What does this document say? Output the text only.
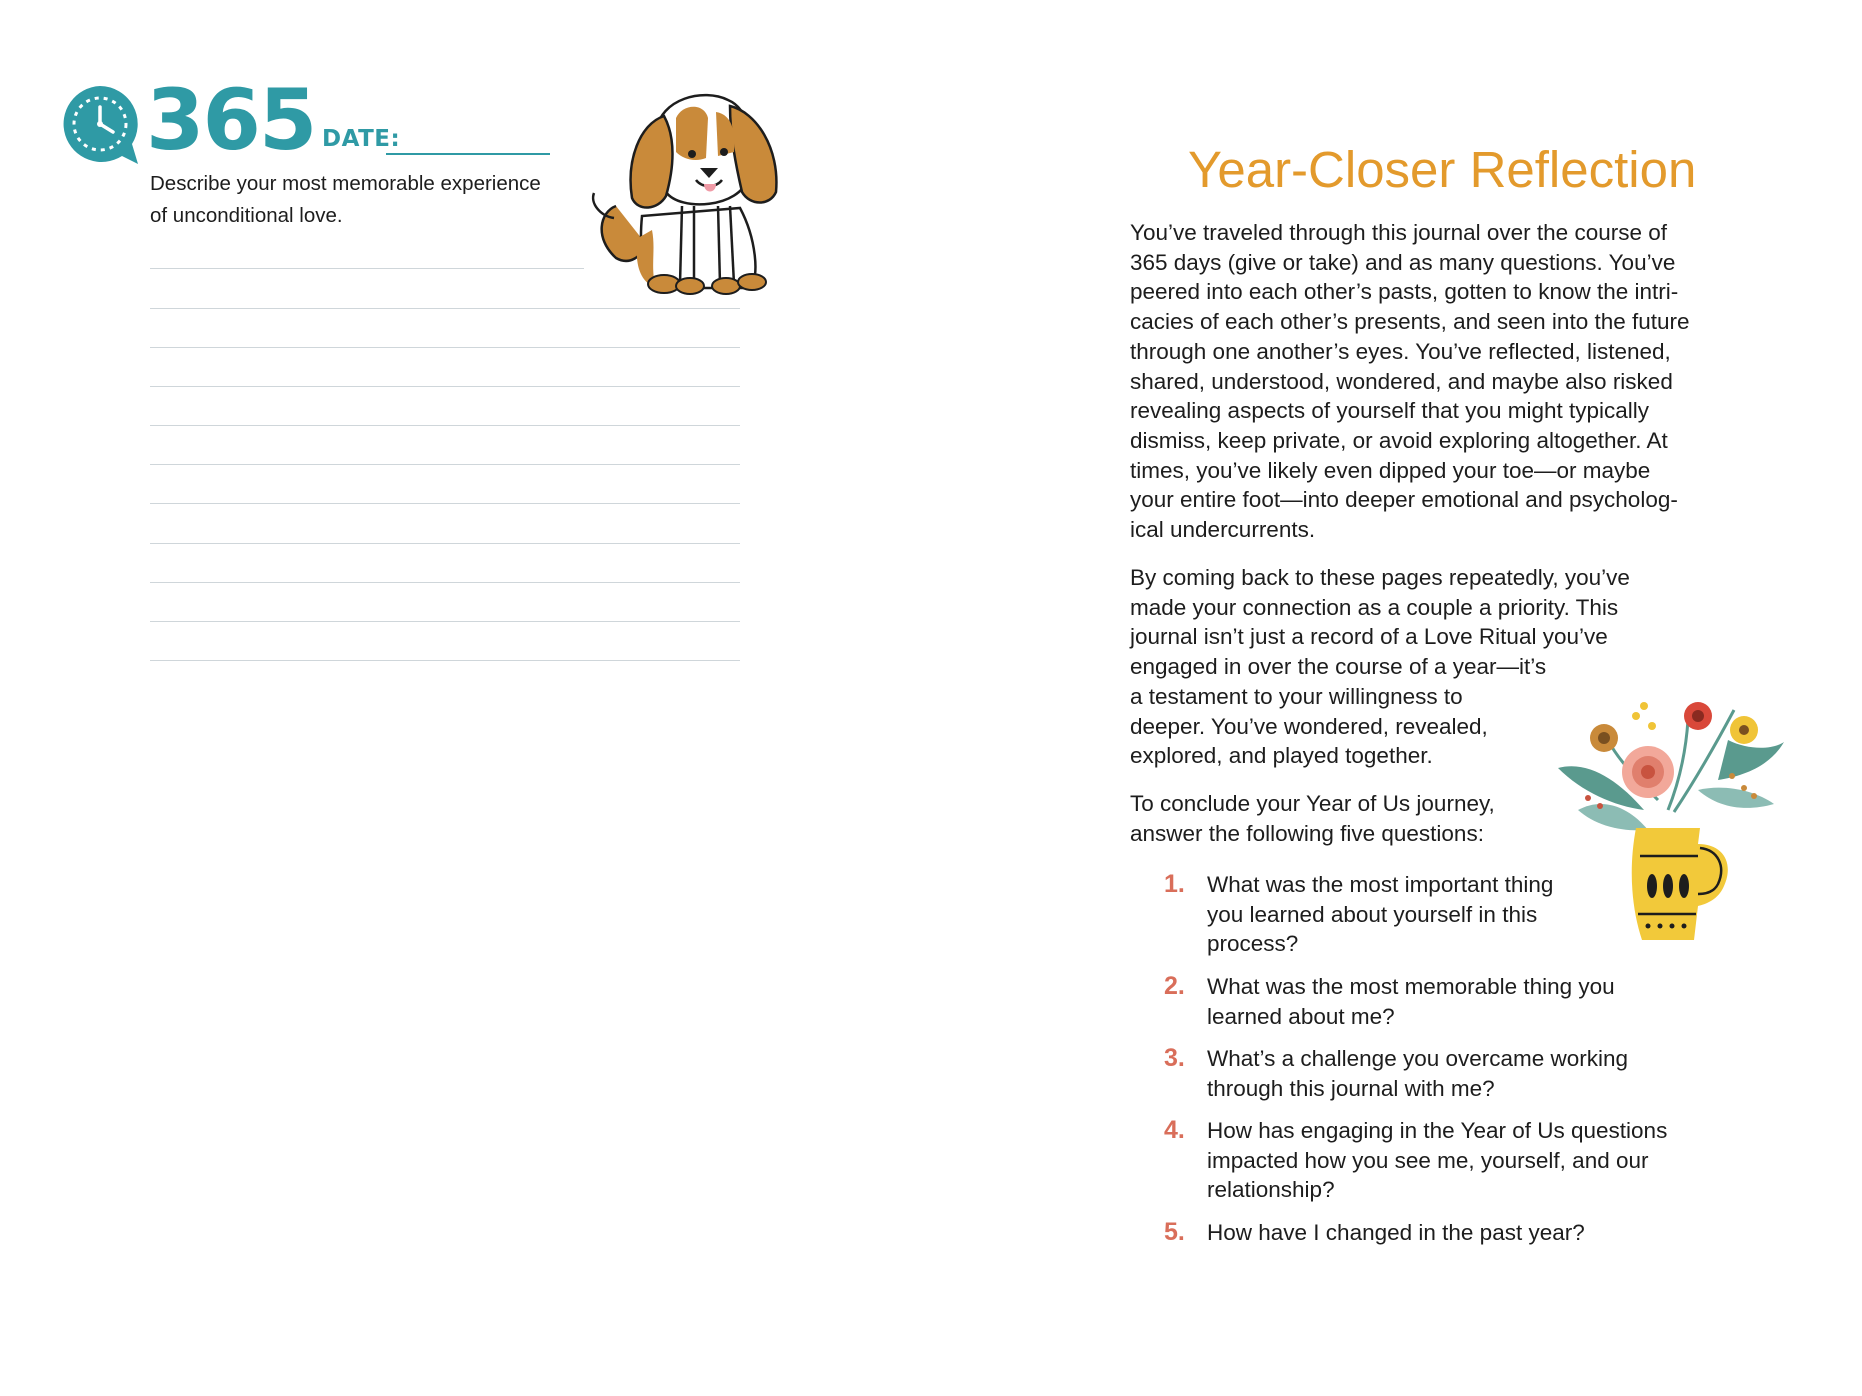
365 DATE:
Describe your most memorable experience
of unconditional love.
Year-Closer Reflection
You’ve traveled through this journal over the course of
365 days (give or take) and as many questions. You’ve
peered into each other’s pasts, gotten to know the intri-
cacies of each other’s presents, and seen into the future
through one another’s eyes. You’ve reflected, listened,
shared, understood, wondered, and maybe also risked
revealing aspects of yourself that you might typically
dismiss, keep private, or avoid exploring altogether. At
times, you’ve likely even dipped your toe—or maybe
your entire foot—into deeper emotional and psycholog-
ical undercurrents.
By coming back to these pages repeatedly, you’ve
made your connection as a couple a priority. This
journal isn’t just a record of a Love Ritual you’ve
engaged in over the course of a year—it’s
a testament to your willingness to
deeper. You’ve wondered, revealed,
explored, and played together.
To conclude your Year of Us journey,
answer the following five questions:
1. What was the most important thing
you learned about yourself in this
process?
2. What was the most memorable thing you
learned about me?
3. What’s a challenge you overcame working
through this journal with me?
4. How has engaging in the Year of Us questions
impacted how you see me, yourself, and our
relationship?
5. How have I changed in the past year?
